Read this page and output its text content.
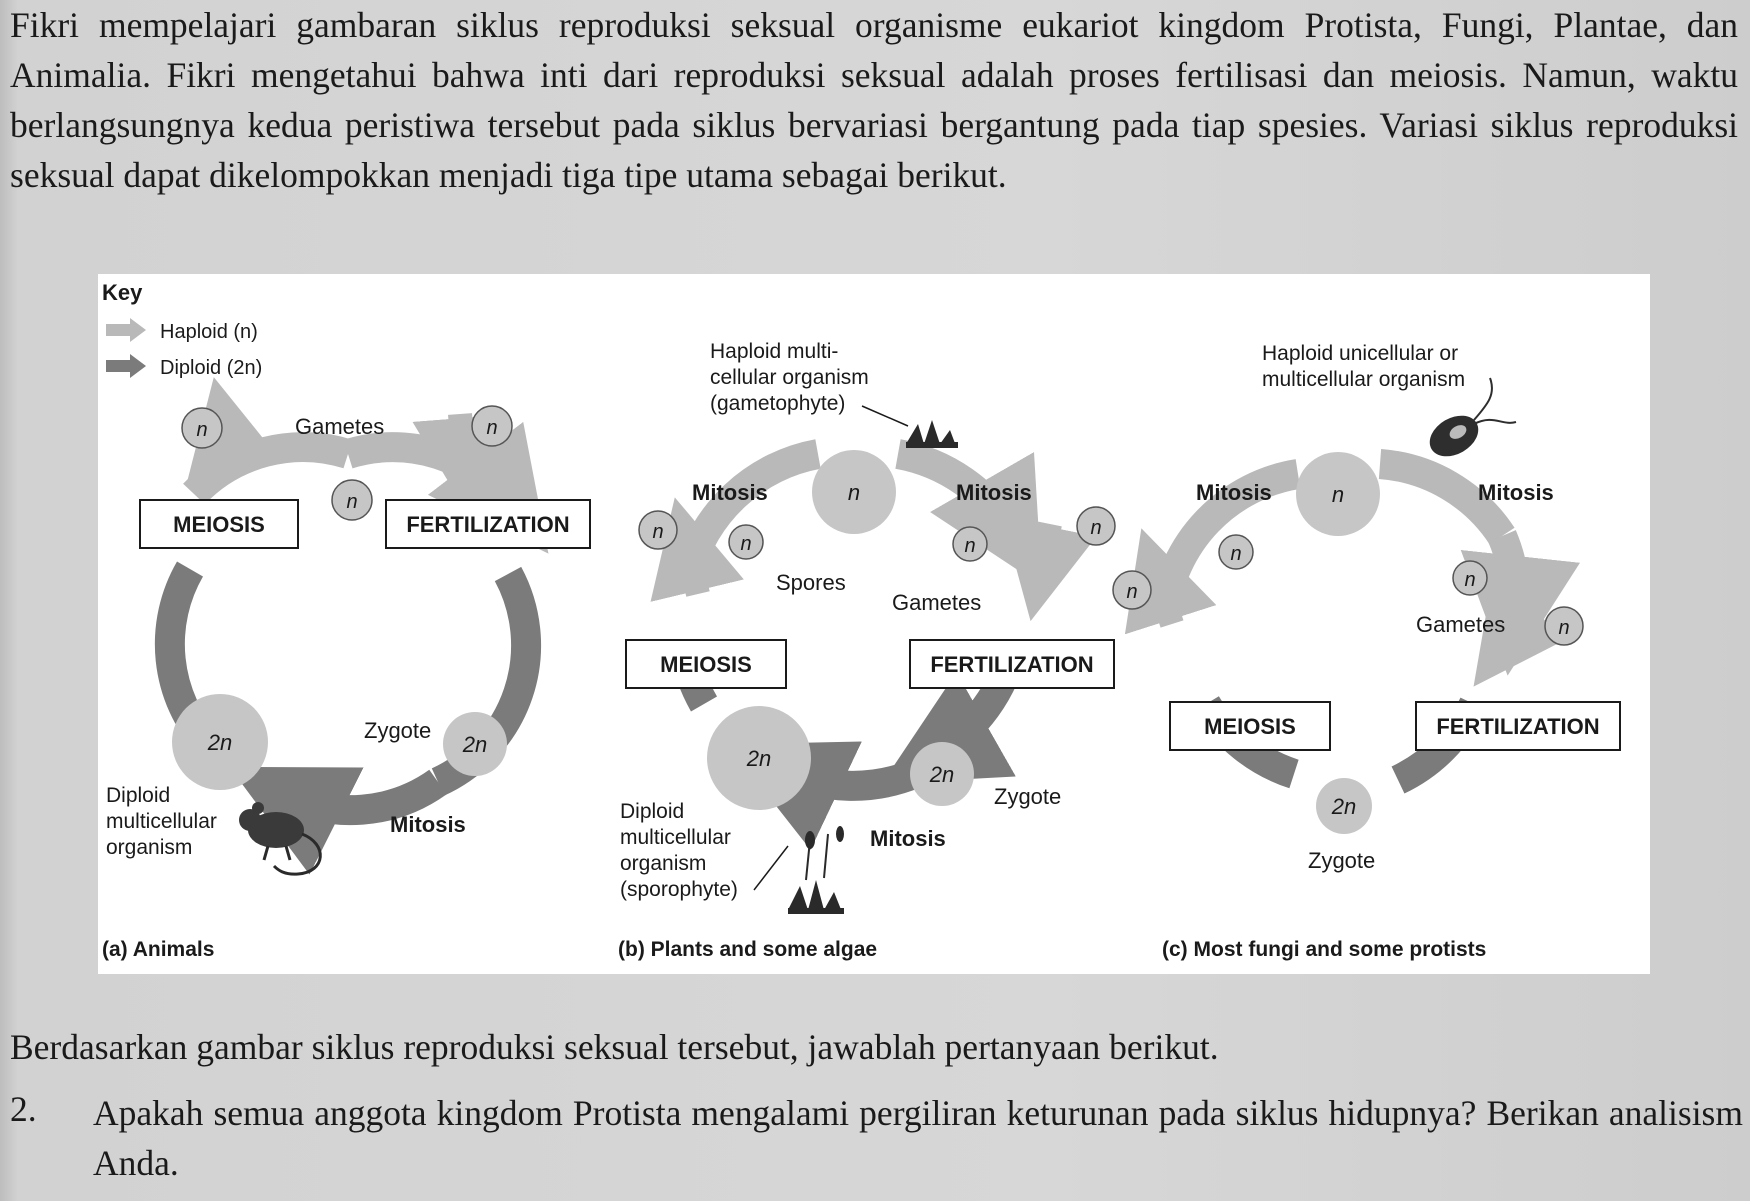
Fikri mempelajari gambaran siklus reproduksi seksual organisme eukariot kingdom Protista, Fungi, Plantae, dan Animalia. Fikri mengetahui bahwa inti dari reproduksi seksual adalah proses fertilisasi dan meiosis. Namun, waktu berlangsungnya kedua peristiwa tersebut pada siklus bervariasi bergantung pada tiap spesies. Variasi siklus reproduksi seksual dapat dikelompokkan menjadi tiga tipe utama sebagai berikut.

Key
Haploid (n)
Diploid (2n)
MEIOSIS	FERTILIZATION
n	n
n
2n	2n
Gametes
Zygote
Mitosis
Diploid
multicellular
organism
(a) Animals
n
n
n	n
n
2n
2n
MEIOSIS	FERTILIZATION
Haploid multi-
cellular organism
(gametophyte)
Mitosis	Mitosis
Spores
Gametes
Zygote
Mitosis
Diploid
multicellular
organism
(sporophyte)
(b) Plants and some algae
n
n
n
n
n
2n
MEIOSIS	FERTILIZATION
Haploid unicellular or
multicellular organism
Mitosis	Mitosis
Gametes
Zygote
(c) Most fungi and some protists

Berdasarkan gambar siklus reproduksi seksual tersebut, jawablah pertanyaan berikut.

2. Apakah semua anggota kingdom Protista mengalami pergiliran keturunan pada siklus hidupnya? Berikan analisism Anda.
